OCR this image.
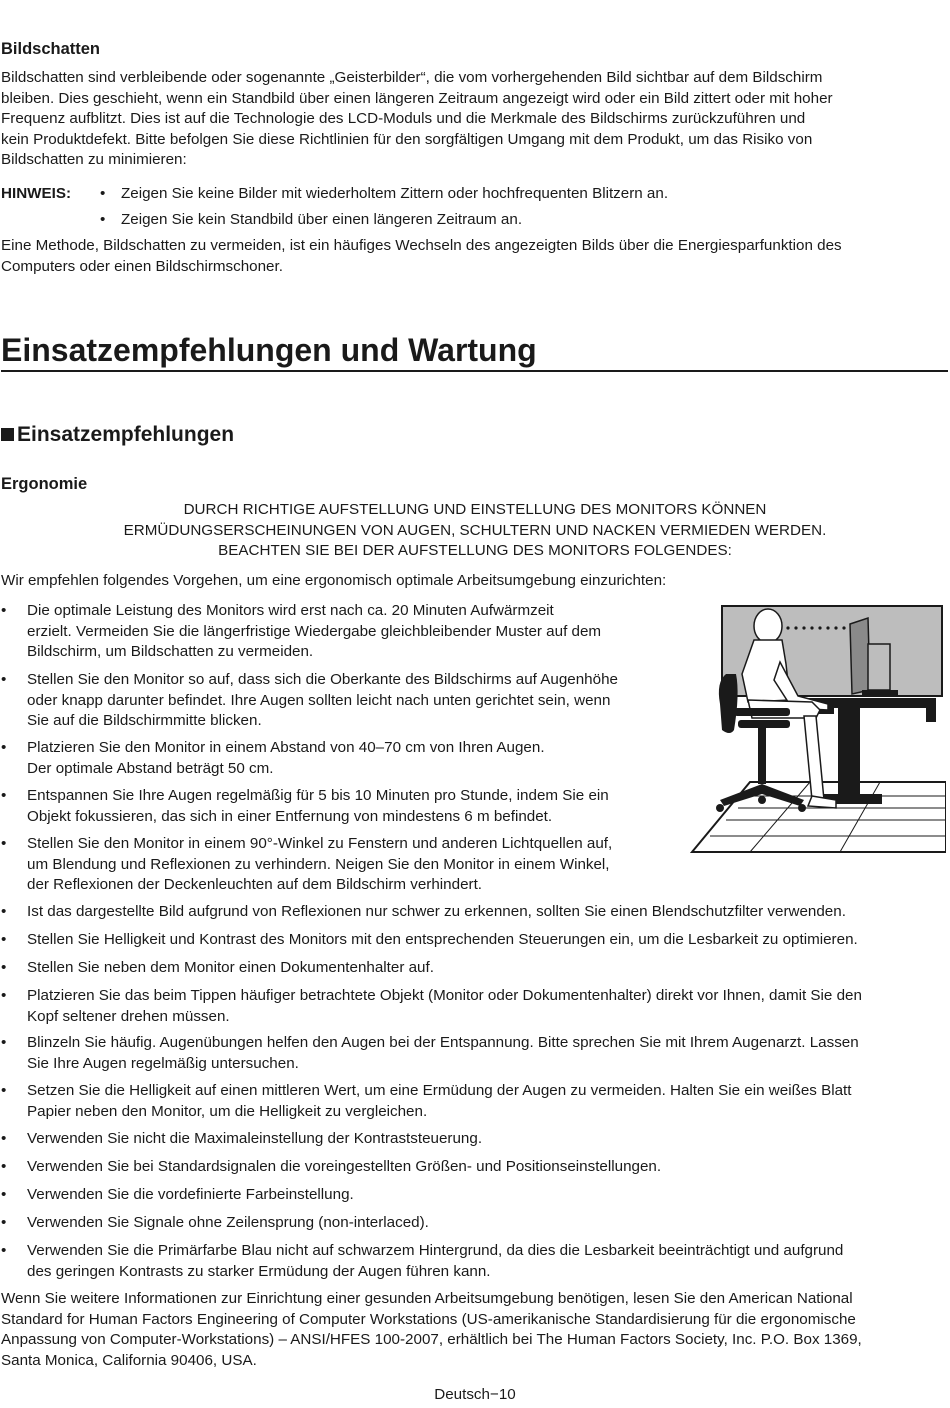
Bildschatten

Bildschatten sind verbleibende oder sogenannte „Geisterbilder“, die vom vorhergehenden Bild sichtbar auf dem Bildschirm

bleiben. Dies geschieht, wenn ein Standbild über einen längeren Zeitraum angezeigt wird oder ein Bild zittert oder mit hoher

Frequenz aufblitzt. Dies ist auf die Technologie des LCD-Moduls und die Merkmale des Bildschirms zurückzuführen und

kein Produktdefekt. Bitte befolgen Sie diese Richtlinien für den sorgfältigen Umgang mit dem Produkt, um das Risiko von

Bildschatten zu minimieren:

HINWEIS: • Zeigen Sie keine Bilder mit wiederholtem Zittern oder hochfrequenten Blitzern an.
• Zeigen Sie kein Standbild über einen längeren Zeitraum an.

Eine Methode, Bildschatten zu vermeiden, ist ein häufiges Wechseln des angezeigten Bilds über die Energiesparfunktion des

Computers oder einen Bildschirmschoner.

Einsatzempfehlungen und Wartung
Einsatzempfehlungen
Ergonomie

DURCH RICHTIGE AUFSTELLUNG UND EINSTELLUNG DES MONITORS KÖNNEN

ERMÜDUNGSERSCHEINUNGEN VON AUGEN, SCHULTERN UND NACKEN VERMIEDEN WERDEN.

BEACHTEN SIE BEI DER AUFSTELLUNG DES MONITORS FOLGENDES:

Wir empfehlen folgendes Vorgehen, um eine ergonomisch optimale Arbeitsumgebung einzurichten:
• Die optimale Leistung des Monitors wird erst nach ca. 20 Minuten Aufwärmzeit

erzielt. Vermeiden Sie die längerfristige Wiedergabe gleichbleibender Muster auf dem

Bildschirm, um Bildschatten zu vermeiden.

• Stellen Sie den Monitor so auf, dass sich die Oberkante des Bildschirms auf Augenhöhe

oder knapp darunter befindet. Ihre Augen sollten leicht nach unten gerichtet sein, wenn

Sie auf die Bildschirmmitte blicken.

• Platzieren Sie den Monitor in einem Abstand von 40–70 cm von Ihren Augen.

Der optimale Abstand beträgt 50 cm.

• Entspannen Sie Ihre Augen regelmäßig für 5 bis 10 Minuten pro Stunde, indem Sie ein

Objekt fokussieren, das sich in einer Entfernung von mindestens 6 m befindet.

• Stellen Sie den Monitor in einem 90°-Winkel zu Fenstern und anderen Lichtquellen auf,

um Blendung und Reflexionen zu verhindern. Neigen Sie den Monitor in einem Winkel,

der Reflexionen der Deckenleuchten auf dem Bildschirm verhindert.

• Ist das dargestellte Bild aufgrund von Reflexionen nur schwer zu erkennen, sollten Sie einen Blendschutzfilter verwenden.

• Stellen Sie Helligkeit und Kontrast des Monitors mit den entsprechenden Steuerungen ein, um die Lesbarkeit zu optimieren.

• Stellen Sie neben dem Monitor einen Dokumentenhalter auf.

• Platzieren Sie das beim Tippen häufiger betrachtete Objekt (Monitor oder Dokumentenhalter) direkt vor Ihnen, damit Sie den

Kopf seltener drehen müssen.

• Blinzeln Sie häufig. Augenübungen helfen den Augen bei der Entspannung. Bitte sprechen Sie mit Ihrem Augenarzt. Lassen

Sie Ihre Augen regelmäßig untersuchen.

• Setzen Sie die Helligkeit auf einen mittleren Wert, um eine Ermüdung der Augen zu vermeiden. Halten Sie ein weißes Blatt

Papier neben den Monitor, um die Helligkeit zu vergleichen.

• Verwenden Sie nicht die Maximaleinstellung der Kontraststeuerung.

• Verwenden Sie bei Standardsignalen die voreingestellten Größen- und Positionseinstellungen.

• Verwenden Sie die vordefinierte Farbeinstellung.

• Verwenden Sie Signale ohne Zeilensprung (non-interlaced).

• Verwenden Sie die Primärfarbe Blau nicht auf schwarzem Hintergrund, da dies die Lesbarkeit beeinträchtigt und aufgrund

des geringen Kontrasts zu starker Ermüdung der Augen führen kann.

Wenn Sie weitere Informationen zur Einrichtung einer gesunden Arbeitsumgebung benötigen, lesen Sie den American National

Standard for Human Factors Engineering of Computer Workstations (US-amerikanische Standardisierung für die ergonomische

Anpassung von Computer-Workstations) – ANSI/HFES 100-2007, erhältlich bei The Human Factors Society, Inc. P.O. Box 1369,

Santa Monica, California 90406, USA.

Deutsch−10
